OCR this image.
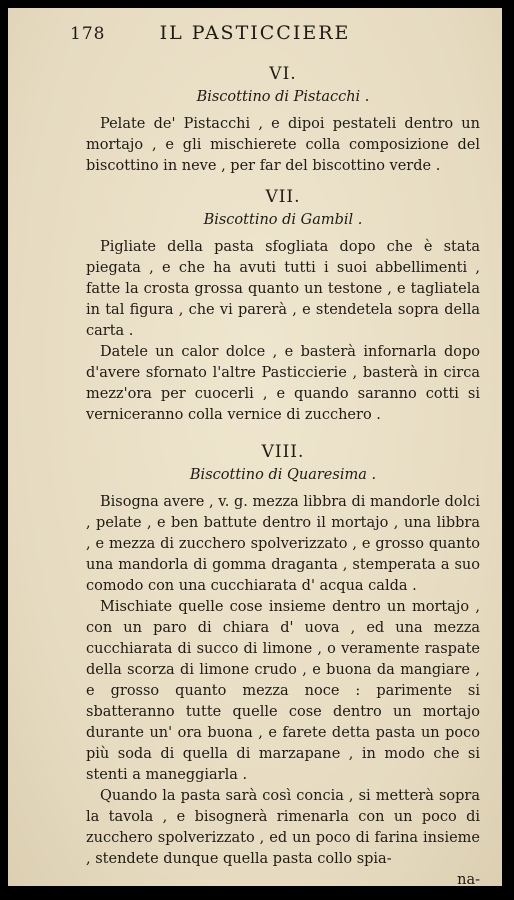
178	IL PASTICCIERE

VI.

Biscottino di Pistacchi .

Pelate de' Pistacchi , e dipoi pestateli dentro un mortajo , e gli mischierete colla composizione del biscottino in neve , per far del biscottino verde .

VII.

Biscottino di Gambil .

Pigliate della pasta sfogliata dopo che è stata piegata , e che ha avuti tutti i suoi abbellimenti , fatte la crosta grossa quanto un testone , e tagliatela in tal figura , che vi parerà , e stendetela sopra della carta .

Datele un calor dolce , e basterà infornarla dopo d'avere sfornato l'altre Pasticcierie , basterà in circa mezz'ora per cuocerli , e quando saranno cotti si verniceranno colla vernice di zucchero .

VIII.

Biscottino di Quaresima .

Bisogna avere , v. g. mezza libbra di mandorle dolci , pelate , e ben battute dentro il mortajo , una libbra , e mezza di zucchero spolverizzato , e grosso quanto una mandorla di gomma draganta , stemperata a suo comodo con una cucchiarata d' acqua calda .

Mischiate quelle cose insieme dentro un mortajo , con un paro di chiara d' uova , ed una mezza cucchiarata di succo di limone , o veramente raspate della scorza di limone crudo , e buona da mangiare , e grosso quanto mezza noce : parimente si sbatteranno tutte quelle cose dentro un mortajo durante un' ora buona , e farete detta pasta un poco più soda di quella di marzapane , in modo che si stenti a maneggiarla .

Quando la pasta sarà così concia , si metterà sopra la tavola , e bisognerà rimenarla con un poco di zucchero spolverizzato , ed un poco di farina insieme , stendete dunque quella pasta collo spia-

na-
